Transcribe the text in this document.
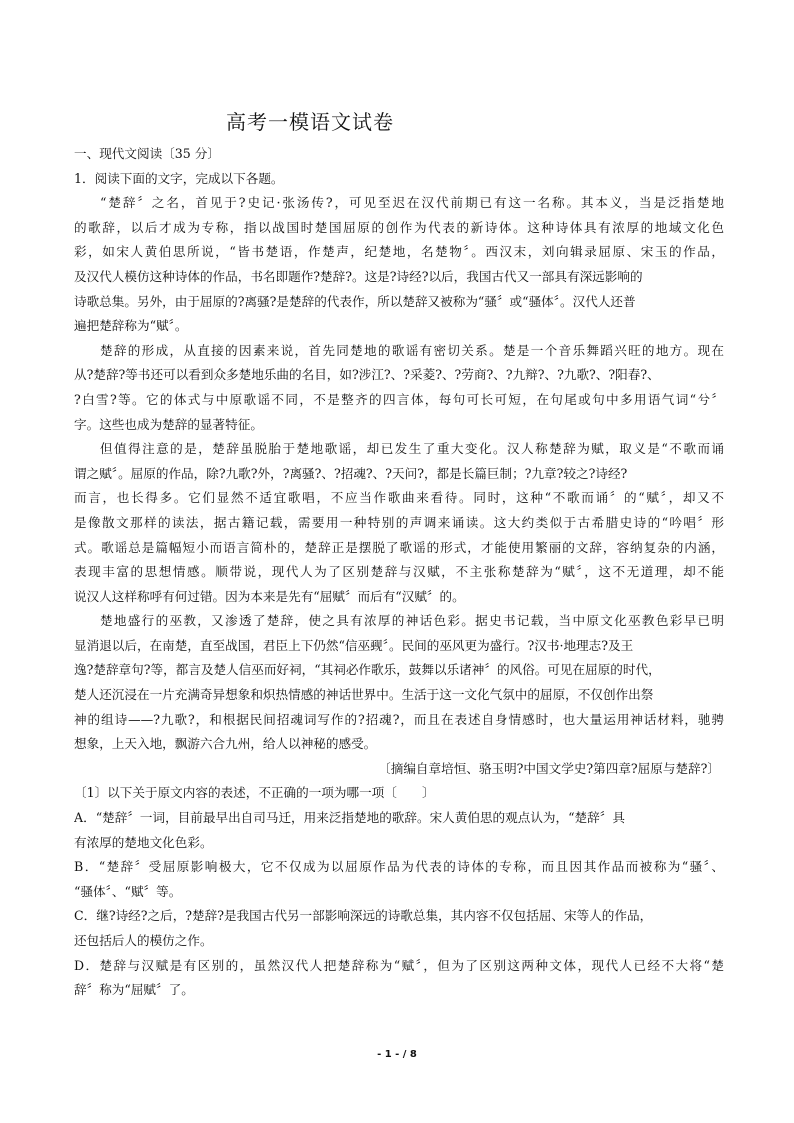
高考一模语文试卷
一、现代文阅读〔35 分〕
1．阅读下面的文字，完成以下各题。
“楚辞〞之名，首见于?史记·张汤传?，可见至迟在汉代前期已有这一名称。其本义，当是泛指楚地
的歌辞，以后才成为专称，指以战国时楚国屈原的创作为代表的新诗体。这种诗体具有浓厚的地域文化色
彩，如宋人黄伯思所说，“皆书楚语，作楚声，纪楚地，名楚物〞。西汉末，刘向辑录屈原、宋玉的作品，
及汉代人模仿这种诗体的作品，书名即题作?楚辞?。这是?诗经?以后，我国古代又一部具有深远影响的
诗歌总集。另外，由于屈原的?离骚?是楚辞的代表作，所以楚辞又被称为“骚〞或“骚体〞。汉代人还普
遍把楚辞称为“赋〞。
楚辞的形成，从直接的因素来说，首先同楚地的歌谣有密切关系。楚是一个音乐舞蹈兴旺的地方。现在
从?楚辞?等书还可以看到众多楚地乐曲的名目，如?涉江?、?采菱?、?劳商?、?九辩?、?九歌?、?阳春?、
?白雪?等。它的体式与中原歌谣不同，不是整齐的四言体，每句可长可短，在句尾或句中多用语气词“兮〞
字。这些也成为楚辞的显著特征。
但值得注意的是，楚辞虽脱胎于楚地歌谣，却已发生了重大变化。汉人称楚辞为赋，取义是“不歌而诵
谓之赋〞。屈原的作品，除?九歌?外，?离骚?、?招魂?、?天问?，都是长篇巨制；?九章?较之?诗经?
而言，也长得多。它们显然不适宜歌唱，不应当作歌曲来看待。同时，这种“不歌而诵〞的“赋〞，却又不
是像散文那样的读法，据古籍记载，需要用一种特别的声调来诵读。这大约类似于古希腊史诗的“吟唱〞形
式。歌谣总是篇幅短小而语言简朴的，楚辞正是摆脱了歌谣的形式，才能使用繁丽的文辞，容纳复杂的内涵，
表现丰富的思想情感。顺带说，现代人为了区别楚辞与汉赋，不主张称楚辞为“赋〞，这不无道理，却不能
说汉人这样称呼有何过错。因为本来是先有“屈赋〞而后有“汉赋〞的。
楚地盛行的巫教，又渗透了楚辞，使之具有浓厚的神话色彩。据史书记载，当中原文化巫教色彩早已明
显消退以后，在南楚，直至战国，君臣上下仍然“信巫觋〞。民间的巫风更为盛行。?汉书·地理志?及王
逸?楚辞章句?等，都言及楚人信巫而好祠，“其祠必作歌乐，鼓舞以乐诸神〞的风俗。可见在屈原的时代，
楚人还沉浸在一片充满奇异想象和炽热情感的神话世界中。生活于这一文化气氛中的屈原，不仅创作出祭
神的组诗——?九歌?，和根据民间招魂词写作的?招魂?，而且在表述自身情感时，也大量运用神话材料，驰骋
想象，上天入地，飘游六合九州，给人以神秘的感受。
〔摘编自章培恒、骆玉明?中国文学史?第四章?屈原与楚辞?〕
〔1〕以下关于原文内容的表述，不正确的一项为哪一项〔　　〕
A．“楚辞〞一词，目前最早出自司马迁，用来泛指楚地的歌辞。宋人黄伯思的观点认为，“楚辞〞具
有浓厚的楚地文化色彩。
B．“楚辞〞受屈原影响极大，它不仅成为以屈原作品为代表的诗体的专称，而且因其作品而被称为“骚〞、
“骚体〞、“赋〞等。
C．继?诗经?之后，?楚辞?是我国古代另一部影响深远的诗歌总集，其内容不仅包括屈、宋等人的作品，
还包括后人的模仿之作。
D．楚辞与汉赋是有区别的，虽然汉代人把楚辞称为“赋〞，但为了区别这两种文体，现代人已经不大将“楚
辞〞称为“屈赋〞了。
- 1 - / 8
